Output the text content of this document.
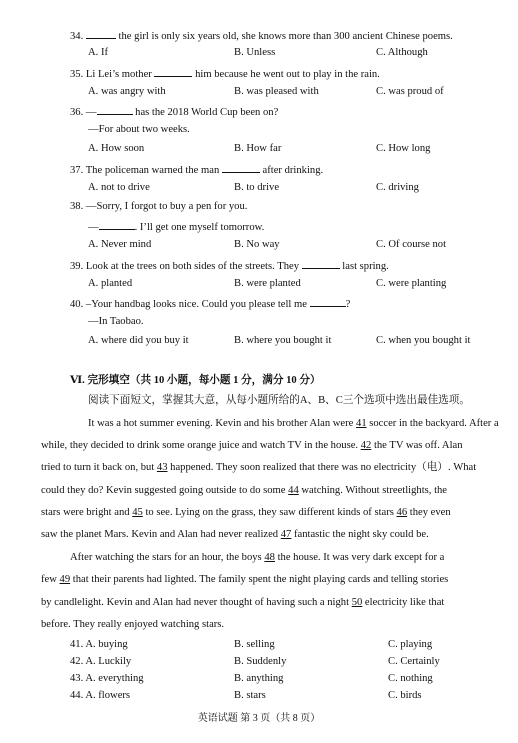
34.	the girl is only six years old, she knows more than 300 ancient Chinese poems.
A. If	B. Unless	C. Although
35. Li Lei’s mother	him because he went out to play in the rain.
A. was angry with	B. was pleased with	C. was proud of
36. —	has the 2018 World Cup been on?
—For about two weeks.
A. How soon	B. How far	C. How long
37. The policeman warned the man	after drinking.
A. not to drive	B. to drive	C. driving
38. —Sorry, I forgot to buy a pen for you.
—	. I’ll get one myself tomorrow.
A. Never mind	B. No way	C. Of course not
39. Look at the trees on both sides of the streets. They	last spring.
A. planted	B. were planted	C. were planting
40. –Your handbag looks nice. Could you please tell me	?
—In Taobao.
A. where did you buy it	B. where you bought it	C. when you bought it
Ⅵ. 完形填空（共 10 小题，每小题 1 分，满分 10 分）
阅读下面短文，掌握其大意，从每小题所给的A、B、C三个选项中选出最佳选项。
It was a hot summer evening. Kevin and his brother Alan were 41 soccer in the backyard. After a
while, they decided to drink some orange juice and watch TV in the house. 42 the TV was off. Alan
tried to turn it back on, but 43 happened. They soon realized that there was no electricity（电）. What
could they do? Kevin suggested going outside to do some 44 watching. Without streetlights, the
stars were bright and 45 to see. Lying on the grass, they saw different kinds of stars 46 they even
saw the planet Mars. Kevin and Alan had never realized 47 fantastic the night sky could be.
After watching the stars for an hour, the boys 48 the house. It was very dark except for a
few 49 that their parents had lighted. The family spent the night playing cards and telling stories
by candlelight. Kevin and Alan had never thought of having such a night 50 electricity like that
before. They really enjoyed watching stars.
41. A. buying	B. selling	C. playing
42. A. Luckily	B. Suddenly	C. Certainly
43. A. everything	B. anything	C. nothing
44. A. flowers	B. stars	C. birds
英语试题 第 3 页（共 8 页）
